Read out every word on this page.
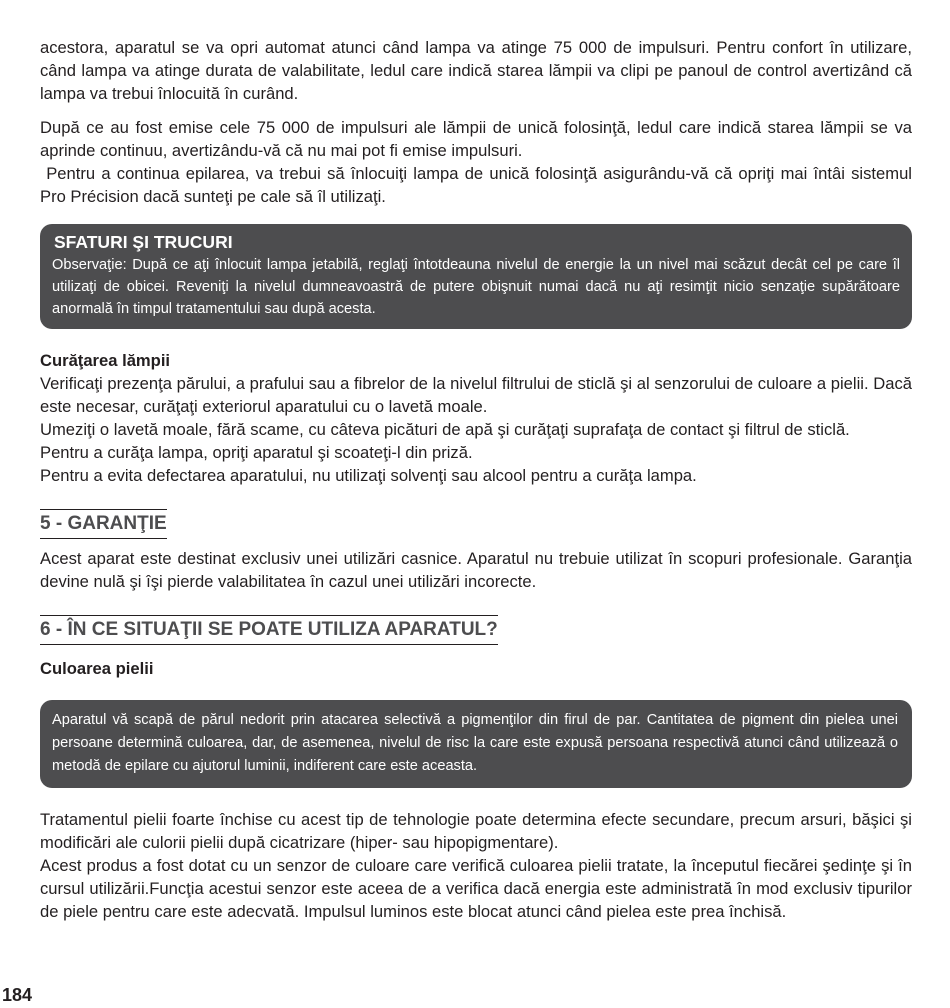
acestora, aparatul se va opri automat atunci când lampa va atinge 75 000 de impulsuri. Pentru confort în utilizare, când lampa va atinge durata de valabilitate, ledul care indică starea lămpii va clipi pe panoul de control avertizând că lampa va trebui înlocuită în curând.

După ce au fost emise cele 75 000 de impulsuri ale lămpii de unică folosinţă, ledul care indică starea lămpii se va aprinde continuu, avertizându-vă că nu mai pot fi emise impulsuri.

Pentru a continua epilarea, va trebui să înlocuiţi lampa de unică folosinţă asigurându-vă că opriţi mai întâi sistemul Pro Précision dacă sunteţi pe cale să îl utilizaţi.

SFATURI ŞI TRUCURI
Observaţie: După ce aţi înlocuit lampa jetabilă, reglaţi întotdeauna nivelul de energie la un nivel mai scăzut decât cel pe care îl utilizaţi de obicei. Reveniţi la nivelul dumneavoastră de putere obişnuit numai dacă nu aţi resimţit nicio senzaţie supărătoare anormală în timpul tratamentului sau după acesta.
Curăţarea lămpii

Verificaţi prezenţa părului, a prafului sau a fibrelor de la nivelul filtrului de sticlă şi al senzorului de culoare a pielii. Dacă este necesar, curăţaţi exteriorul aparatului cu o lavetă moale.

Umeziţi o lavetă moale, fără scame, cu câteva picături de apă şi curăţaţi suprafaţa de contact şi filtrul de sticlă.

Pentru a curăţa lampa, opriţi aparatul şi scoateţi-l din priză.

Pentru a evita defectarea aparatului, nu utilizaţi solvenţi sau alcool pentru a curăţa lampa.

5 - GARANŢIE

Acest aparat este destinat exclusiv unei utilizări casnice. Aparatul nu trebuie utilizat în scopuri profesionale. Garanţia devine nulă şi îşi pierde valabilitatea în cazul unei utilizări incorecte.

6 - ÎN CE SITUAŢII SE POATE UTILIZA APARATUL?
Culoarea pielii
Aparatul vă scapă de părul nedorit prin atacarea selectivă a pigmenţilor din firul de par. Cantitatea de pigment din pielea unei persoane determină culoarea, dar, de asemenea, nivelul de risc la care este expusă persoana respectivă atunci când utilizează o metodă de epilare cu ajutorul luminii, indiferent care este aceasta.

Tratamentul pielii foarte închise cu acest tip de tehnologie poate determina efecte secundare, precum arsuri, băşici şi modificări ale culorii pielii după cicatrizare (hiper- sau hipopigmentare).

Acest produs a fost dotat cu un senzor de culoare care verifică culoarea pielii tratate, la începutul fiecărei şedinţe şi în cursul utilizării.Funcţia acestui senzor este aceea de a verifica dacă energia este administrată în mod exclusiv tipurilor de piele pentru care este adecvată. Impulsul luminos este blocat atunci când pielea este prea închisă.

184
